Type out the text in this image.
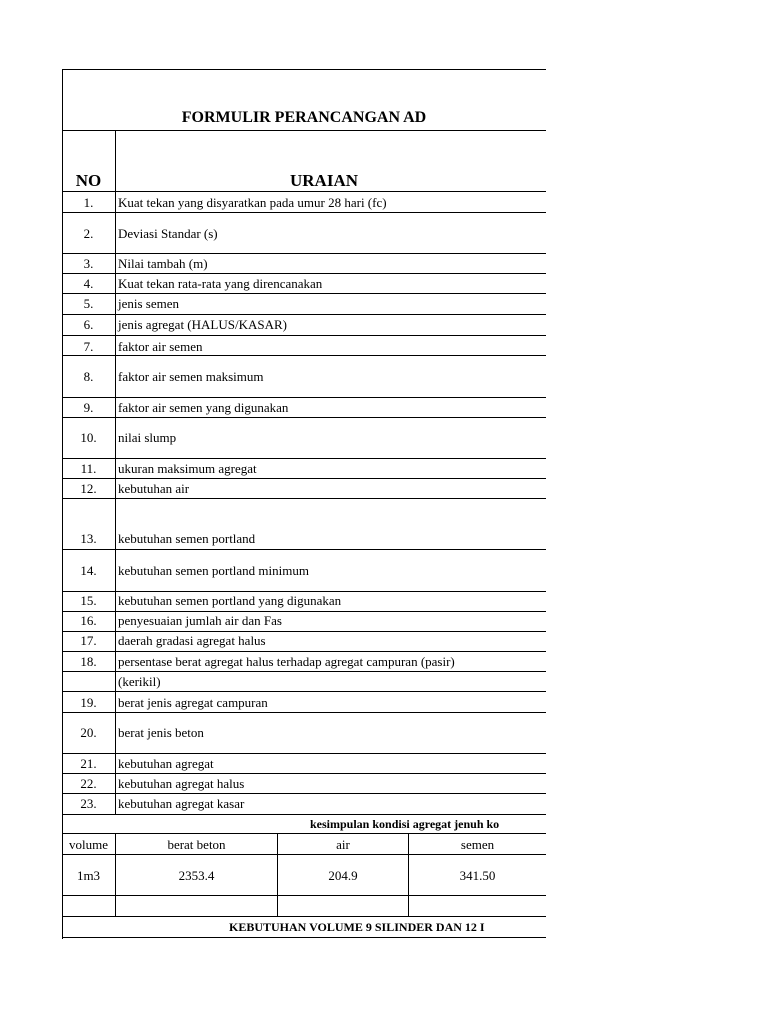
FORMULIR PERANCANGAN AD
NO	URAIAN
1.	Kuat tekan yang disyaratkan pada umur 28 hari (fc)
2.	Deviasi Standar (s)
3.	Nilai tambah (m)
4.	Kuat tekan rata-rata yang direncanakan
5.	jenis semen
6.	jenis agregat (HALUS/KASAR)
7.	faktor air semen
8.	faktor air semen maksimum
9.	faktor air semen yang digunakan
10.	nilai slump
11.	ukuran maksimum agregat
12.	kebutuhan air
13.	kebutuhan semen portland
14.	kebutuhan semen portland minimum
15.	kebutuhan semen portland yang digunakan
16.	penyesuaian jumlah air dan Fas
17.	daerah gradasi agregat halus
18.	persentase berat agregat halus terhadap agregat campuran (pasir)
(kerikil)
19.	berat jenis agregat campuran
20.	berat jenis beton
21.	kebutuhan agregat
22.	kebutuhan agregat halus
23.	kebutuhan agregat kasar
kesimpulan kondisi agregat jenuh ko
volume	berat beton	air	semen
1m3	2353.4	204.9	341.50
KEBUTUHAN VOLUME 9 SILINDER DAN 12 I
